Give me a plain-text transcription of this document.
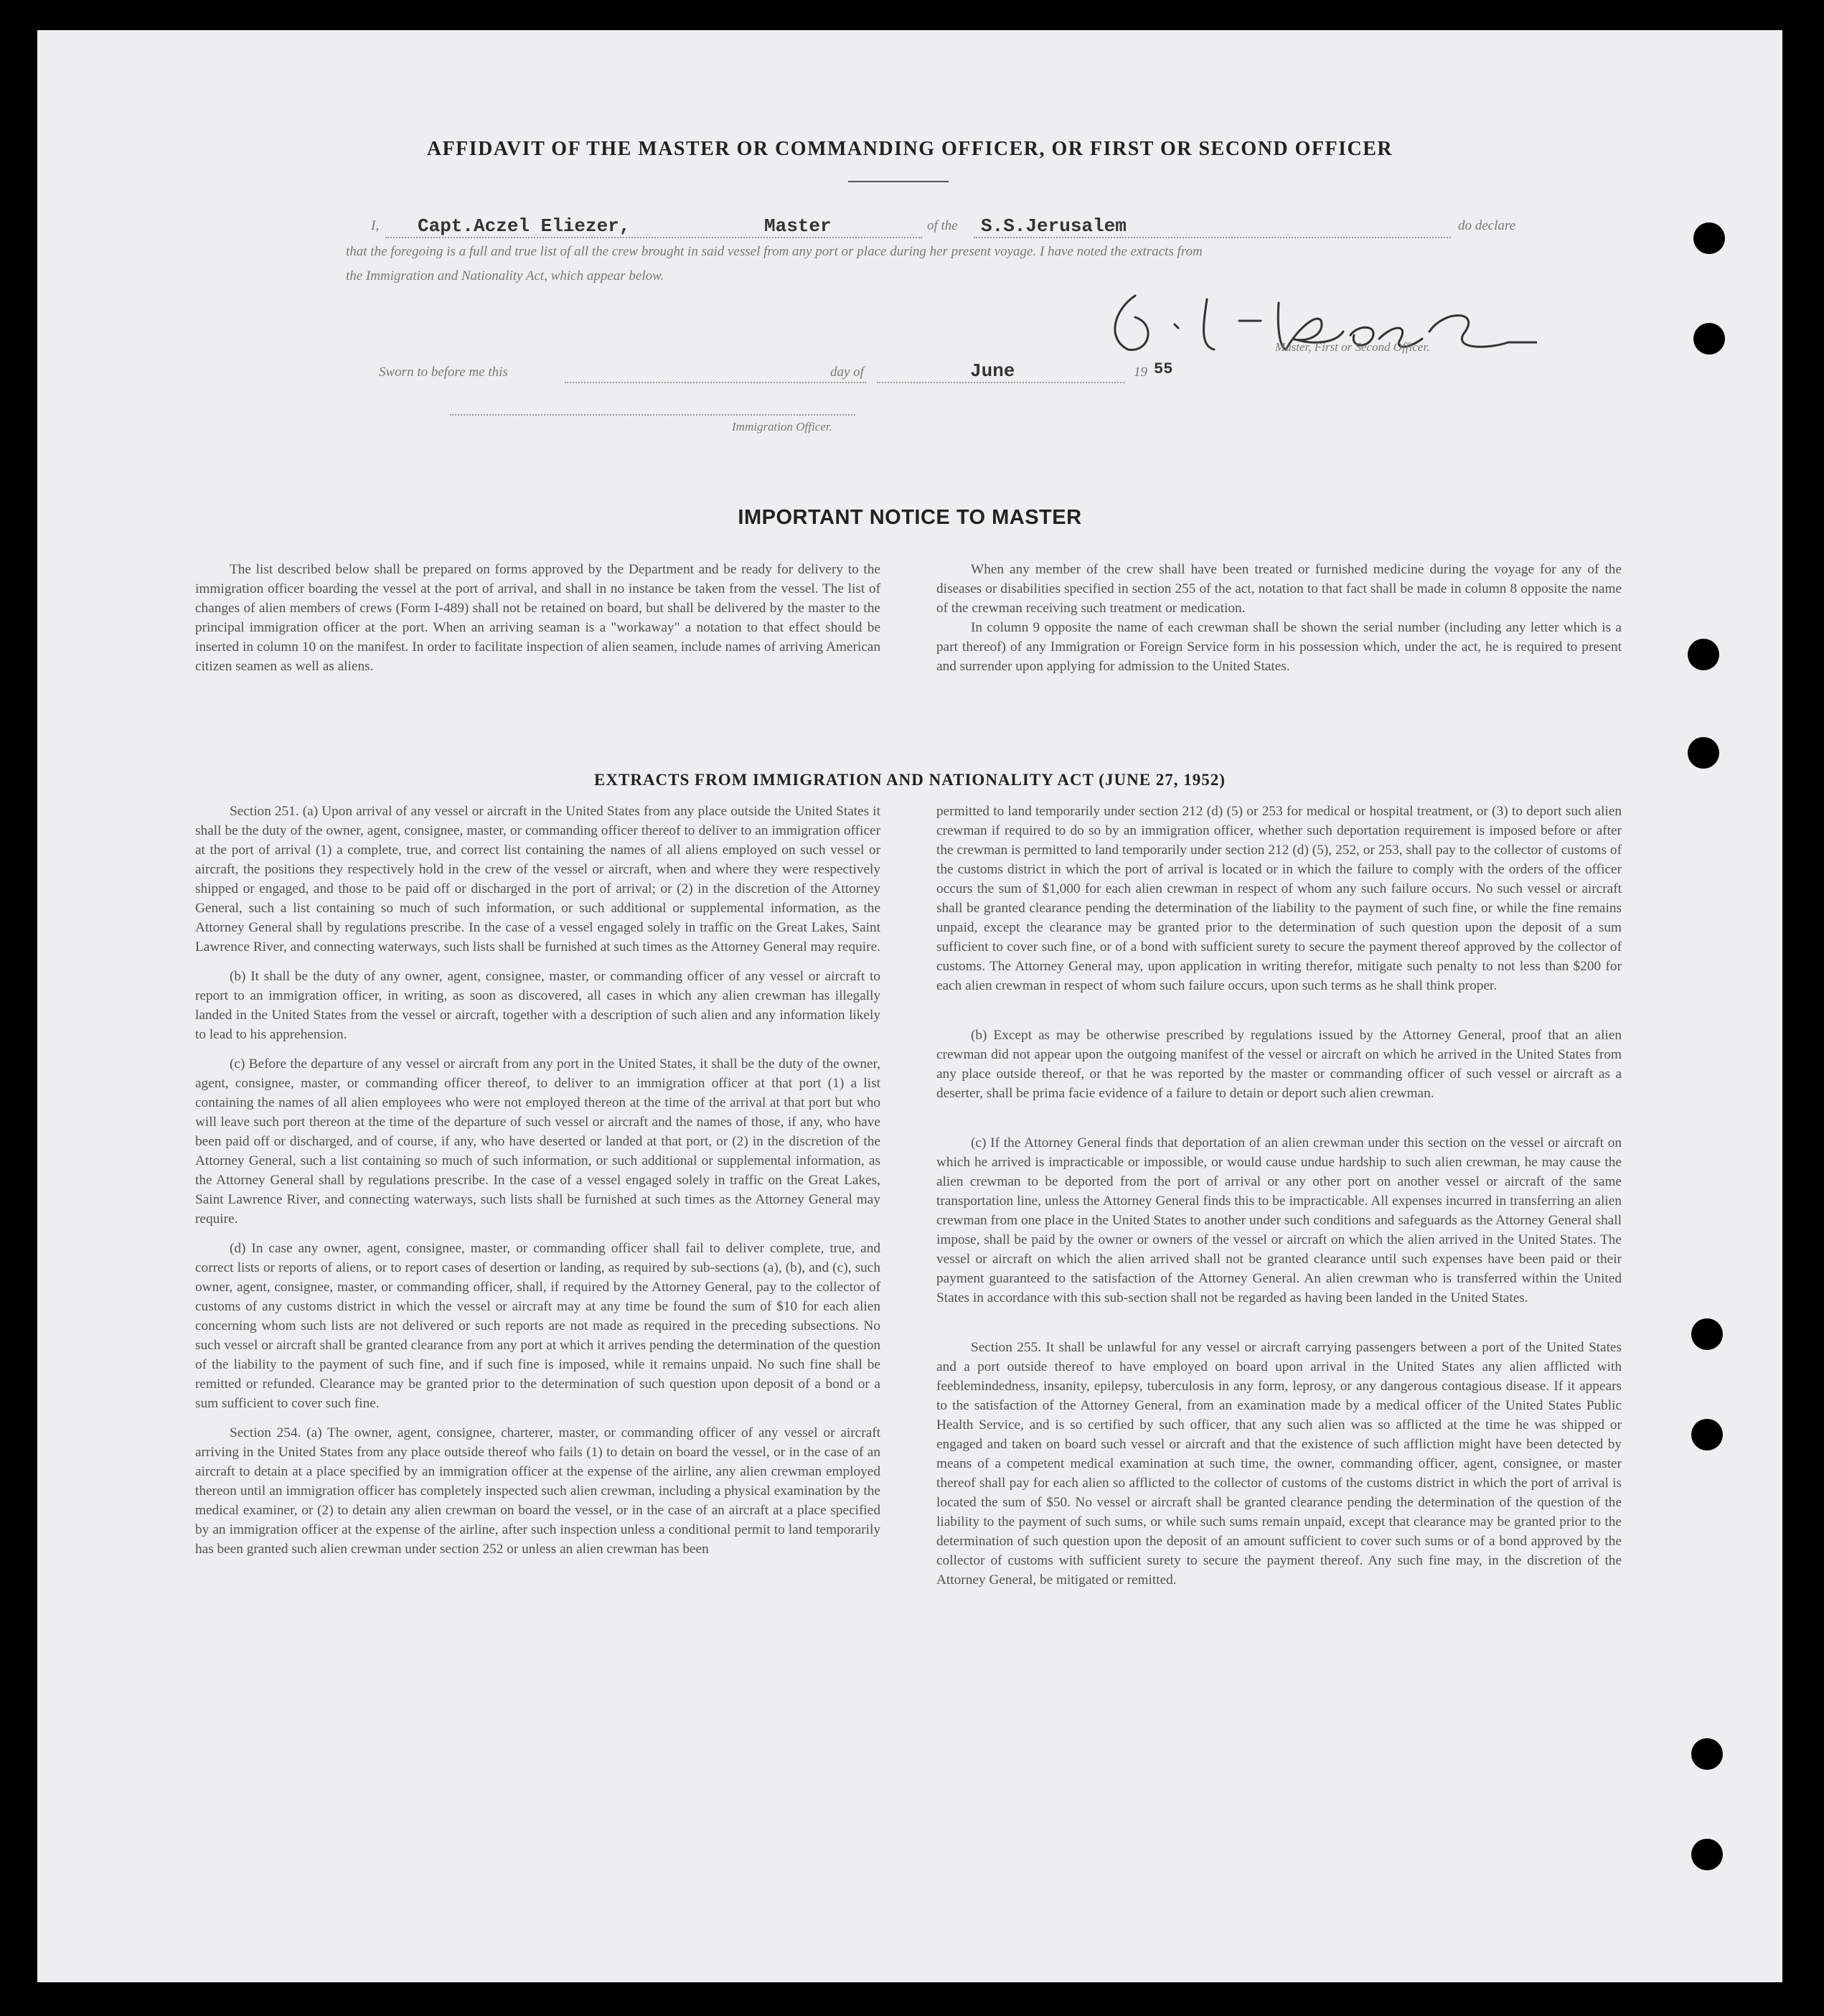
AFFIDAVIT OF THE MASTER OR COMMANDING OFFICER, OR FIRST OR SECOND OFFICER
I, Capt.Aczel Eliezer,	Master	of the S.S.Jerusalem	do declare
that the foregoing is a full and true list of all the crew brought in said vessel from any port or place during her present voyage. I have noted the extracts from
the Immigration and Nationality Act, which appear below.
Master, First or Second Officer.
Sworn to before me this	day of	June	19 55
Immigration Officer.
IMPORTANT NOTICE TO MASTER

The list described below shall be prepared on forms approved by the Department and be ready for delivery to the immigration officer boarding the vessel at the port of arrival, and shall in no instance be taken from the vessel. The list of changes of alien members of crews (Form I-489) shall not be retained on board, but shall be delivered by the master to the principal immigration officer at the port. When an arriving seaman is a "workaway" a notation to that effect should be inserted in column 10 on the manifest. In order to facilitate inspection of alien seamen, include names of arriving American citizen seamen as well as aliens.

When any member of the crew shall have been treated or furnished medicine during the voyage for any of the diseases or disabilities specified in section 255 of the act, notation to that fact shall be made in column 8 opposite the name of the crewman receiving such treatment or medication.

In column 9 opposite the name of each crewman shall be shown the serial number (including any letter which is a part thereof) of any Immigration or Foreign Service form in his possession which, under the act, he is required to present and surrender upon applying for admission to the United States.

EXTRACTS FROM IMMIGRATION AND NATIONALITY ACT (JUNE 27, 1952)

Section 251. (a) Upon arrival of any vessel or aircraft in the United States from any place outside the United States it shall be the duty of the owner, agent, consignee, master, or commanding officer thereof to deliver to an immigration officer at the port of arrival (1) a complete, true, and correct list containing the names of all aliens employed on such vessel or aircraft, the positions they respectively hold in the crew of the vessel or aircraft, when and where they were respectively shipped or engaged, and those to be paid off or discharged in the port of arrival; or (2) in the discretion of the Attorney General, such a list containing so much of such information, or such additional or supplemental information, as the Attorney General shall by regulations prescribe. In the case of a vessel engaged solely in traffic on the Great Lakes, Saint Lawrence River, and connecting waterways, such lists shall be furnished at such times as the Attorney General may require.

(b) It shall be the duty of any owner, agent, consignee, master, or commanding officer of any vessel or aircraft to report to an immigration officer, in writing, as soon as discovered, all cases in which any alien crewman has illegally landed in the United States from the vessel or aircraft, together with a description of such alien and any information likely to lead to his apprehension.

(c) Before the departure of any vessel or aircraft from any port in the United States, it shall be the duty of the owner, agent, consignee, master, or commanding officer thereof, to deliver to an immigration officer at that port (1) a list containing the names of all alien employees who were not employed thereon at the time of the arrival at that port but who will leave such port thereon at the time of the departure of such vessel or aircraft and the names of those, if any, who have been paid off or discharged, and of course, if any, who have deserted or landed at that port, or (2) in the discretion of the Attorney General, such a list containing so much of such information, or such additional or supplemental information, as the Attorney General shall by regulations prescribe. In the case of a vessel engaged solely in traffic on the Great Lakes, Saint Lawrence River, and connecting waterways, such lists shall be furnished at such times as the Attorney General may require.

(d) In case any owner, agent, consignee, master, or commanding officer shall fail to deliver complete, true, and correct lists or reports of aliens, or to report cases of desertion or landing, as required by sub-sections (a), (b), and (c), such owner, agent, consignee, master, or commanding officer, shall, if required by the Attorney General, pay to the collector of customs of any customs district in which the vessel or aircraft may at any time be found the sum of $10 for each alien concerning whom such lists are not delivered or such reports are not made as required in the preceding subsections. No such vessel or aircraft shall be granted clearance from any port at which it arrives pending the determination of the question of the liability to the payment of such fine, and if such fine is imposed, while it remains unpaid. No such fine shall be remitted or refunded. Clearance may be granted prior to the determination of such question upon deposit of a bond or a sum sufficient to cover such fine.

Section 254. (a) The owner, agent, consignee, charterer, master, or commanding officer of any vessel or aircraft arriving in the United States from any place outside thereof who fails (1) to detain on board the vessel, or in the case of an aircraft to detain at a place specified by an immigration officer at the expense of the airline, any alien crewman employed thereon until an immigration officer has completely inspected such alien crewman, including a physical examination by the medical examiner, or (2) to detain any alien crewman on board the vessel, or in the case of an aircraft at a place specified by an immigration officer at the expense of the airline, after such inspection unless a conditional permit to land temporarily has been granted such alien crewman under section 252 or unless an alien crewman has been

permitted to land temporarily under section 212 (d) (5) or 253 for medical or hospital treatment, or (3) to deport such alien crewman if required to do so by an immigration officer, whether such deportation requirement is imposed before or after the crewman is permitted to land temporarily under section 212 (d) (5), 252, or 253, shall pay to the collector of customs of the customs district in which the port of arrival is located or in which the failure to comply with the orders of the officer occurs the sum of $1,000 for each alien crewman in respect of whom any such failure occurs. No such vessel or aircraft shall be granted clearance pending the determination of the liability to the payment of such fine, or while the fine remains unpaid, except the clearance may be granted prior to the determination of such question upon the deposit of a sum sufficient to cover such fine, or of a bond with sufficient surety to secure the payment thereof approved by the collector of customs. The Attorney General may, upon application in writing therefor, mitigate such penalty to not less than $200 for each alien crewman in respect of whom such failure occurs, upon such terms as he shall think proper.

(b) Except as may be otherwise prescribed by regulations issued by the Attorney General, proof that an alien crewman did not appear upon the outgoing manifest of the vessel or aircraft on which he arrived in the United States from any place outside thereof, or that he was reported by the master or commanding officer of such vessel or aircraft as a deserter, shall be prima facie evidence of a failure to detain or deport such alien crewman.

(c) If the Attorney General finds that deportation of an alien crewman under this section on the vessel or aircraft on which he arrived is impracticable or impossible, or would cause undue hardship to such alien crewman, he may cause the alien crewman to be deported from the port of arrival or any other port on another vessel or aircraft of the same transportation line, unless the Attorney General finds this to be impracticable. All expenses incurred in transferring an alien crewman from one place in the United States to another under such conditions and safeguards as the Attorney General shall impose, shall be paid by the owner or owners of the vessel or aircraft on which the alien arrived in the United States. The vessel or aircraft on which the alien arrived shall not be granted clearance until such expenses have been paid or their payment guaranteed to the satisfaction of the Attorney General. An alien crewman who is transferred within the United States in accordance with this sub-section shall not be regarded as having been landed in the United States.

Section 255. It shall be unlawful for any vessel or aircraft carrying passengers between a port of the United States and a port outside thereof to have employed on board upon arrival in the United States any alien afflicted with feeblemindedness, insanity, epilepsy, tuberculosis in any form, leprosy, or any dangerous contagious disease. If it appears to the satisfaction of the Attorney General, from an examination made by a medical officer of the United States Public Health Service, and is so certified by such officer, that any such alien was so afflicted at the time he was shipped or engaged and taken on board such vessel or aircraft and that the existence of such affliction might have been detected by means of a competent medical examination at such time, the owner, commanding officer, agent, consignee, or master thereof shall pay for each alien so afflicted to the collector of customs of the customs district in which the port of arrival is located the sum of $50. No vessel or aircraft shall be granted clearance pending the determination of the question of the liability to the payment of such sums, or while such sums remain unpaid, except that clearance may be granted prior to the determination of such question upon the deposit of an amount sufficient to cover such sums or of a bond approved by the collector of customs with sufficient surety to secure the payment thereof. Any such fine may, in the discretion of the Attorney General, be mitigated or remitted.
